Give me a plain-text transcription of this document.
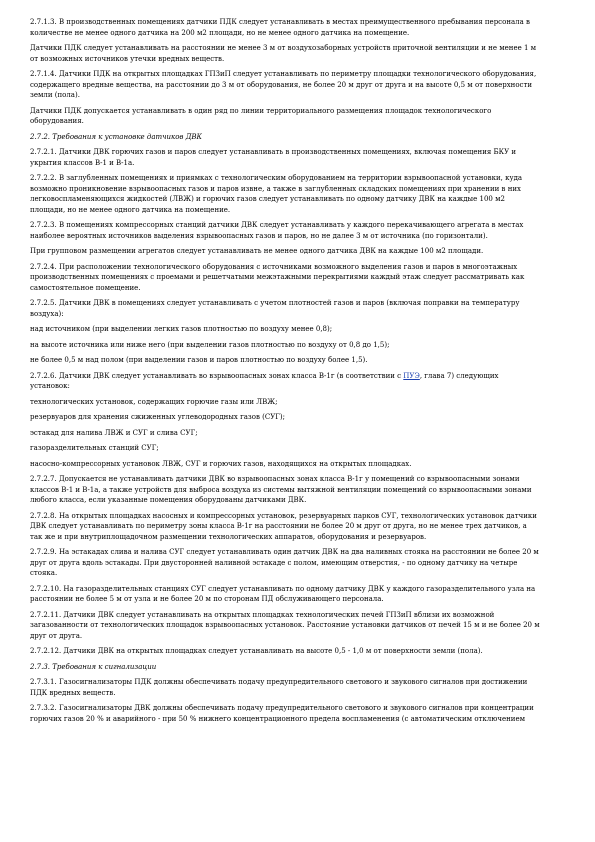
2.7.1.3. В производственных помещениях датчики ПДК следует устанавливать в местах преимущественного пребывания персонала в количестве не менее одного датчика на 200 м2 площади, но не менее одного датчика на помещение.

Датчики ПДК следует устанавливать на расстоянии не менее 3 м от воздухозаборных устройств приточной вентиляции и не менее 1 м от возможных источников утечки вредных веществ.

2.7.1.4. Датчики ПДК на открытых площадках ГПЗиП следует устанавливать по периметру площадки технологического оборудования, содержащего вредные вещества, на расстоянии до 3 м от оборудования, не более 20 м друг от друга и на высоте 0,5 м от поверхности земли (пола).

Датчики ПДК допускается устанавливать в один ряд по линии территориального размещения площадок технологического оборудования.

2.7.2. Требования к установке датчиков ДВК

2.7.2.1. Датчики ДВК горючих газов и паров следует устанавливать в производственных помещениях, включая помещения БКУ и укрытия классов В-1 и В-1а.

2.7.2.2. В заглубленных помещениях и приямках с технологическим оборудованием на территории взрывоопасной установки, куда возможно проникновение взрывоопасных газов и паров извне, а также в заглубленных складских помещениях при хранении в них легковоспламеняющихся жидкостей (ЛВЖ) и горючих газов следует устанавливать по одному датчику ДВК на каждые 100 м2 площади, но не менее одного датчика на помещение.

2.7.2.3. В помещениях компрессорных станций датчики ДВК следует устанавливать у каждого перекачивающего агрегата в местах наиболее вероятных источников выделения взрывоопасных газов и паров, но не далее 3 м от источника (по горизонтали).

При групповом размещении агрегатов следует устанавливать не менее одного датчика ДВК на каждые 100 м2 площади.

2.7.2.4. При расположении технологического оборудования с источниками возможного выделения газов и паров в многоэтажных производственных помещениях с проемами и решетчатыми межэтажными перекрытиями каждый этаж следует рассматривать как самостоятельное помещение.

2.7.2.5. Датчики ДВК в помещениях следует устанавливать с учетом плотностей газов и паров (включая поправки на температуру воздуха):

над источником (при выделении легких газов плотностью по воздуху менее 0,8);

на высоте источника или ниже него (при выделении газов плотностью по воздуху от 0,8 до 1,5);

не более 0,5 м над полом (при выделении газов и паров плотностью по воздуху более 1,5).

2.7.2.6. Датчики ДВК следует устанавливать во взрывоопасных зонах класса В-1г (в соответствии с ПУЭ, глава 7) следующих установок:

технологических установок, содержащих горючие газы или ЛВЖ;

резервуаров для хранения сжиженных углеводородных газов (СУГ);

эстакад для налива ЛВЖ и СУГ и слива СУГ;

газоразделительных станций СУГ;

насосно-компрессорных установок ЛВЖ, СУГ и горючих газов, находящихся на открытых площадках.

2.7.2.7. Допускается не устанавливать датчики ДВК во взрывоопасных зонах класса В-1г у помещений со взрывоопасными зонами классов В-1 и В-1а, а также устройств для выброса воздуха из системы вытяжной вентиляции помещений со взрывоопасными зонами любого класса, если указанные помещения оборудованы датчиками ДВК.

2.7.2.8. На открытых площадках насосных и компрессорных установок, резервуарных парков СУГ, технологических установок датчики ДВК следует устанавливать по периметру зоны класса В-1г на расстоянии не более 20 м друг от друга, но не менее трех датчиков, а так же и при внутриплощадочном размещении технологических аппаратов, оборудования и резервуаров.

2.7.2.9. На эстакадах слива и налива СУГ следует устанавливать один датчик ДВК на два наливных стояка на расстоянии не более 20 м друг от друга вдоль эстакады. При двусторонней наливной эстакаде с полом, имеющим отверстия, - по одному датчику на четыре стояка.

2.7.2.10. На газоразделительных станциях СУГ следует устанавливать по одному датчику ДВК у каждого газоразделительного узла на расстоянии не более 5 м от узла и не более 20 м по сторонам ПД обслуживающего персонала.

2.7.2.11. Датчики ДВК следует устанавливать на открытых площадках технологических печей ГПЗиП вблизи их возможной загазованности от технологических площадок взрывоопасных установок. Расстояние установки датчиков от печей 15 м и не более 20 м друг от друга.

2.7.2.12. Датчики ДВК на открытых площадках следует устанавливать на высоте 0,5 - 1,0 м от поверхности земли (пола).

2.7.3. Требования к сигнализации

2.7.3.1. Газосигнализаторы ПДК должны обеспечивать подачу предупредительного светового и звукового сигналов при достижении ПДК вредных веществ.

2.7.3.2. Газосигнализаторы ДВК должны обеспечивать подачу предупредительного светового и звукового сигналов при концентрации горючих газов 20 % и аварийного - при 50 % нижнего концентрационного предела воспламенения (с автоматическим отключением
